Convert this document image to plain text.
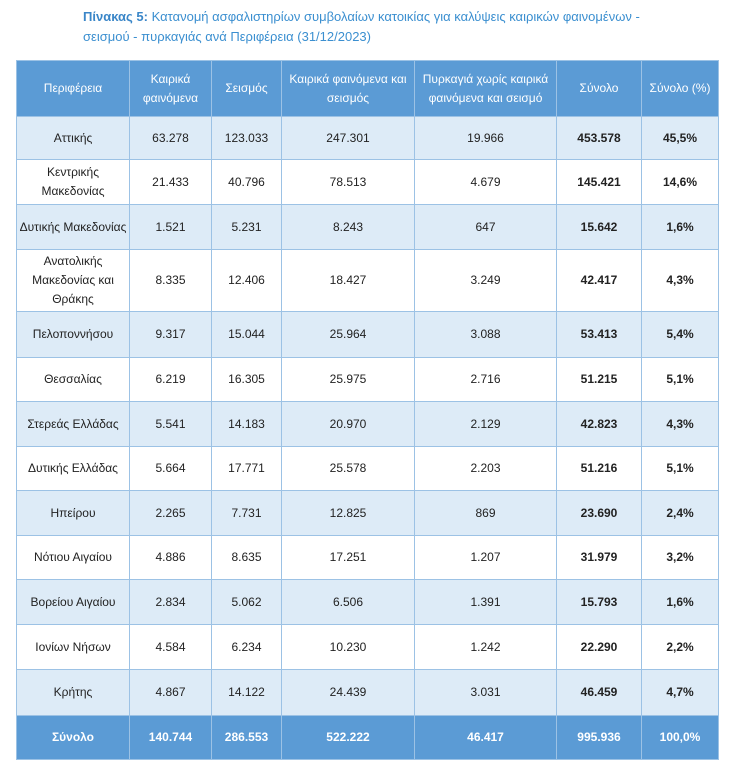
Πίνακας 5: Κατανομή ασφαλιστηρίων συμβολαίων κατοικίας για καλύψεις καιρικών φαινομένων - σεισμού - πυρκαγιάς ανά Περιφέρεια (31/12/2023)
Περιφέρεια	Καιρικά φαινόμενα	Σεισμός	Καιρικά φαινόμενα και σεισμός	Πυρκαγιά χωρίς καιρικά φαινόμενα και σεισμό	Σύνολο	Σύνολο (%)
Αττικής	63.278	123.033	247.301	19.966	453.578	45,5%
Κεντρικής Μακεδονίας	21.433	40.796	78.513	4.679	145.421	14,6%
Δυτικής Μακεδονίας	1.521	5.231	8.243	647	15.642	1,6%
Ανατολικής Μακεδονίας και Θράκης	8.335	12.406	18.427	3.249	42.417	4,3%
Πελοποννήσου	9.317	15.044	25.964	3.088	53.413	5,4%
Θεσσαλίας	6.219	16.305	25.975	2.716	51.215	5,1%
Στερεάς Ελλάδας	5.541	14.183	20.970	2.129	42.823	4,3%
Δυτικής Ελλάδας	5.664	17.771	25.578	2.203	51.216	5,1%
Ηπείρου	2.265	7.731	12.825	869	23.690	2,4%
Νότιου Αιγαίου	4.886	8.635	17.251	1.207	31.979	3,2%
Βορείου Αιγαίου	2.834	5.062	6.506	1.391	15.793	1,6%
Ιονίων Νήσων	4.584	6.234	10.230	1.242	22.290	2,2%
Κρήτης	4.867	14.122	24.439	3.031	46.459	4,7%
Σύνολο	140.744	286.553	522.222	46.417	995.936	100,0%
